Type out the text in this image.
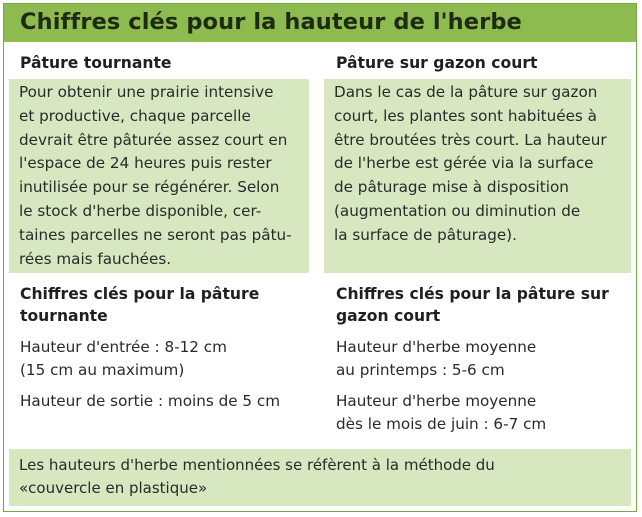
Chiffres clés pour la hauteur de l'herbe
Pâture tournante	Pâture sur gazon court
Pour obtenir une prairie intensive
et productive, chaque parcelle
devrait être pâturée assez court en
l'espace de 24 heures puis rester
inutilisée pour se régénérer. Selon
le stock d'herbe disponible, cer-
taines parcelles ne seront pas pâtu-
rées mais fauchées.
Dans le cas de la pâture sur gazon
court, les plantes sont habituées à
être broutées très court. La hauteur
de l'herbe est gérée via la surface
de pâturage mise à disposition
(augmentation ou diminution de
la surface de pâturage).
Chiffres clés pour la pâture
tournante
Chiffres clés pour la pâture sur
gazon court
Hauteur d'entrée : 8-12 cm
(15 cm au maximum)
Hauteur de sortie : moins de 5 cm
Hauteur d'herbe moyenne
au printemps : 5-6 cm
Hauteur d'herbe moyenne
dès le mois de juin : 6-7 cm
Les hauteurs d'herbe mentionnées se réfèrent à la méthode du
«couvercle en plastique»
